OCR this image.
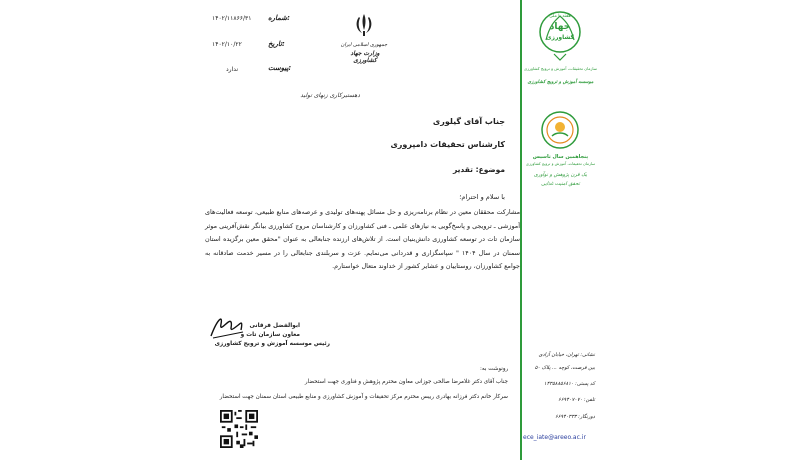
شماره:
۱۴۰۲/۱۱۸۶۶/۳۱
تاریخ:
۱۴۰۲/۱۰/۲۲
پیوست:
ندارد
جمهوری اسلامی ایران
وزارت جهاد کشاورزی
دهستیرکاری زنهای تولید
جناب آقای گیلوری
کارشناس تحقیقات دامپروری
موضوع: تقدیر
با سلام و احترام؛
مشارکت محققان معین در نظام برنامه‌ریزی و حل مسائل پهنه‌های تولیدی و عرصه‌های منابع طبیعی، توسعه فعالیت‌های آموزشی ـ ترویجی و پاسخ‌گویی به نیازهای علمی ـ فنی کشاورزان و کارشناسان مروج کشاورزی بیانگر نقش‌آفرینی موثر سازمان تات در توسعه کشاورزی دانش‌بنیان است. از تلاش‌های ارزنده جنابعالی به عنوان "محقق معین برگزیده استان سمنان در سال ۱۴۰۴ " سپاسگزاری و قدردانی می‌نمایم. عزت و سربلندی جنابعالی را در مسیر خدمت صادقانه به جوامع کشاورزان، روستاییان و عشایر کشور از خداوند متعال خواستارم.
ابوالفضل فرقانی
معاون سازمان تات و
رئیس موسسه آموزش و ترویج کشاورزی
رونوشت به:
جناب آقای دکتر غلامرضا صالحی جوزانی معاون محترم پژوهش و فناوری جهت استحضار
سرکار خانم دکتر فرزانه بهادری رییس محترم مرکز تحقیقات و آموزش کشاورزی و منابع طبیعی استان سمنان جهت استحضار
هفته با ملی
جهاد
کشاورزی
سازمان تحقیقات، آموزش و ترویج کشاورزی
موسسه آموزش و ترویج کشاورزی
پنجاهمین سال تاسیس
سازمان تحقیقات، آموزش و ترویج کشاورزی
یک قرن پژوهش و نوآوری
تحقق امنیت غذایی
نشانی: تهران، خیابان آزادی
بین فرصت، کوچه ... پلاک ۵۰
کد پستی: ۱۴۳۵۸۸۵۶۸۱۰
تلفن: ۶۶۹۴۰۷۰۷۰
دورنگار: ۶۶۹۴۰۳۳۳
ece_iate@areeo.ac.ir
